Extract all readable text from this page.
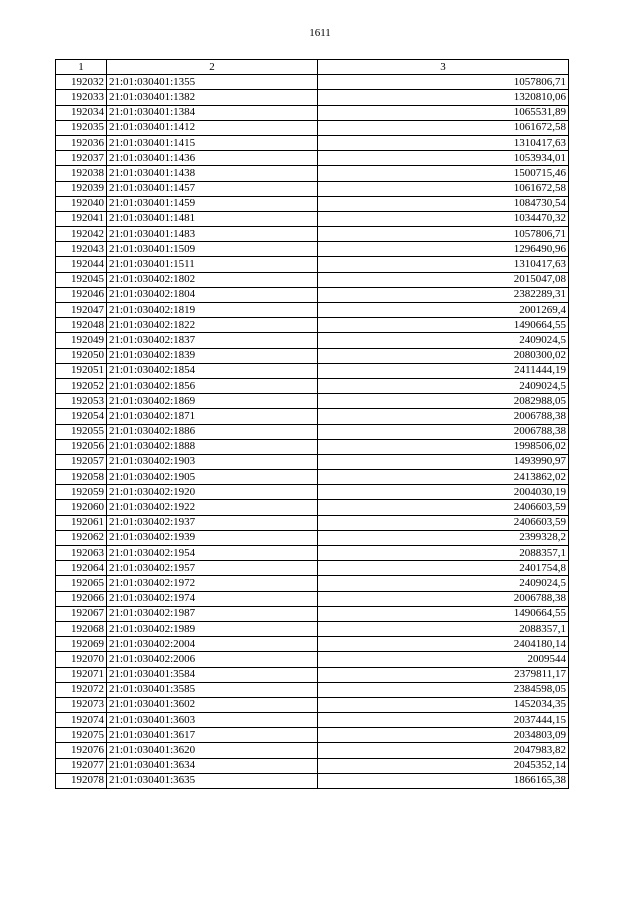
1611
1	2	3
192032	21:01:030401:1355	1057806,71
192033	21:01:030401:1382	1320810,06
192034	21:01:030401:1384	1065531,89
192035	21:01:030401:1412	1061672,58
192036	21:01:030401:1415	1310417,63
192037	21:01:030401:1436	1053934,01
192038	21:01:030401:1438	1500715,46
192039	21:01:030401:1457	1061672,58
192040	21:01:030401:1459	1084730,54
192041	21:01:030401:1481	1034470,32
192042	21:01:030401:1483	1057806,71
192043	21:01:030401:1509	1296490,96
192044	21:01:030401:1511	1310417,63
192045	21:01:030402:1802	2015047,08
192046	21:01:030402:1804	2382289,31
192047	21:01:030402:1819	2001269,4
192048	21:01:030402:1822	1490664,55
192049	21:01:030402:1837	2409024,5
192050	21:01:030402:1839	2080300,02
192051	21:01:030402:1854	2411444,19
192052	21:01:030402:1856	2409024,5
192053	21:01:030402:1869	2082988,05
192054	21:01:030402:1871	2006788,38
192055	21:01:030402:1886	2006788,38
192056	21:01:030402:1888	1998506,02
192057	21:01:030402:1903	1493990,97
192058	21:01:030402:1905	2413862,02
192059	21:01:030402:1920	2004030,19
192060	21:01:030402:1922	2406603,59
192061	21:01:030402:1937	2406603,59
192062	21:01:030402:1939	2399328,2
192063	21:01:030402:1954	2088357,1
192064	21:01:030402:1957	2401754,8
192065	21:01:030402:1972	2409024,5
192066	21:01:030402:1974	2006788,38
192067	21:01:030402:1987	1490664,55
192068	21:01:030402:1989	2088357,1
192069	21:01:030402:2004	2404180,14
192070	21:01:030402:2006	2009544
192071	21:01:030401:3584	2379811,17
192072	21:01:030401:3585	2384598,05
192073	21:01:030401:3602	1452034,35
192074	21:01:030401:3603	2037444,15
192075	21:01:030401:3617	2034803,09
192076	21:01:030401:3620	2047983,82
192077	21:01:030401:3634	2045352,14
192078	21:01:030401:3635	1866165,38
